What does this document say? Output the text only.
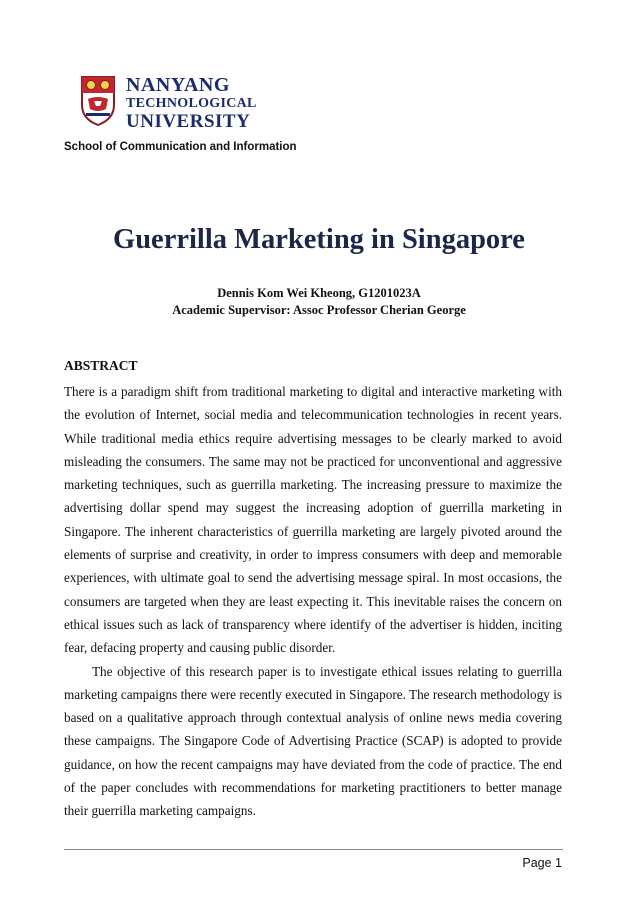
NANYANG
TECHNOLOGICAL
UNIVERSITY
School of Communication and Information
Guerrilla Marketing in Singapore
Dennis Kom Wei Kheong, G1201023A
Academic Supervisor: Assoc Professor Cherian George
ABSTRACT

There is a paradigm shift from traditional marketing to digital and interactive marketing with the evolution of Internet, social media and telecommunication technologies in recent years. While traditional media ethics require advertising messages to be clearly marked to avoid misleading the consumers. The same may not be practiced for unconventional and aggressive marketing techniques, such as guerrilla marketing. The increasing pressure to maximize the advertising dollar spend may suggest the increasing adoption of guerrilla marketing in Singapore. The inherent characteristics of guerrilla marketing are largely pivoted around the elements of surprise and creativity, in order to impress consumers with deep and memorable experiences, with ultimate goal to send the advertising message spiral. In most occasions, the consumers are targeted when they are least expecting it. This inevitable raises the concern on ethical issues such as lack of transparency where identify of the advertiser is hidden, inciting fear, defacing property and causing public disorder.

The objective of this research paper is to investigate ethical issues relating to guerrilla marketing campaigns there were recently executed in Singapore. The research methodology is based on a qualitative approach through contextual analysis of online news media covering these campaigns. The Singapore Code of Advertising Practice (SCAP) is adopted to provide guidance, on how the recent campaigns may have deviated from the code of practice. The end of the paper concludes with recommendations for marketing practitioners to better manage their guerrilla marketing campaigns.

Page 1
